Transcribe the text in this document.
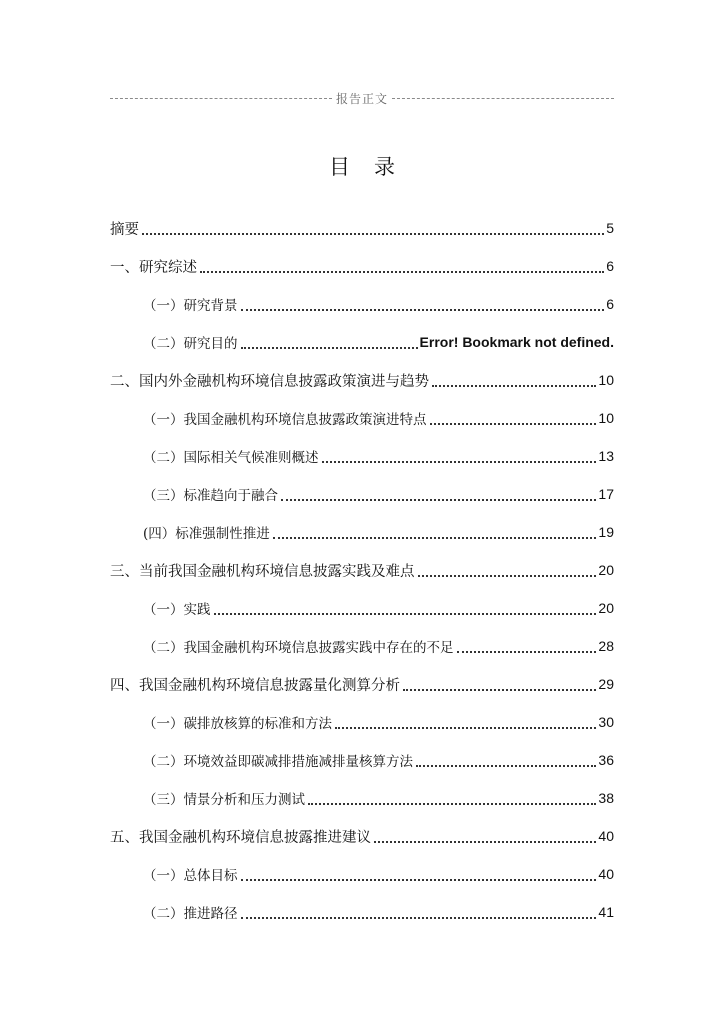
报告正文
目录
摘要	5
一、研究综述	6
（一）研究背景	6
（二）研究目的	Error! Bookmark not defined.
二、国内外金融机构环境信息披露政策演进与趋势	10
（一）我国金融机构环境信息披露政策演进特点	10
（二）国际相关气候准则概述	13
（三）标准趋向于融合	17
(四）标准强制性推进	19
三、当前我国金融机构环境信息披露实践及难点	20
（一）实践	20
（二）我国金融机构环境信息披露实践中存在的不足	28
四、我国金融机构环境信息披露量化测算分析	29
（一）碳排放核算的标准和方法	30
（二）环境效益即碳减排措施减排量核算方法	36
（三）情景分析和压力测试	38
五、我国金融机构环境信息披露推进建议	40
（一）总体目标	40
（二）推进路径	41
